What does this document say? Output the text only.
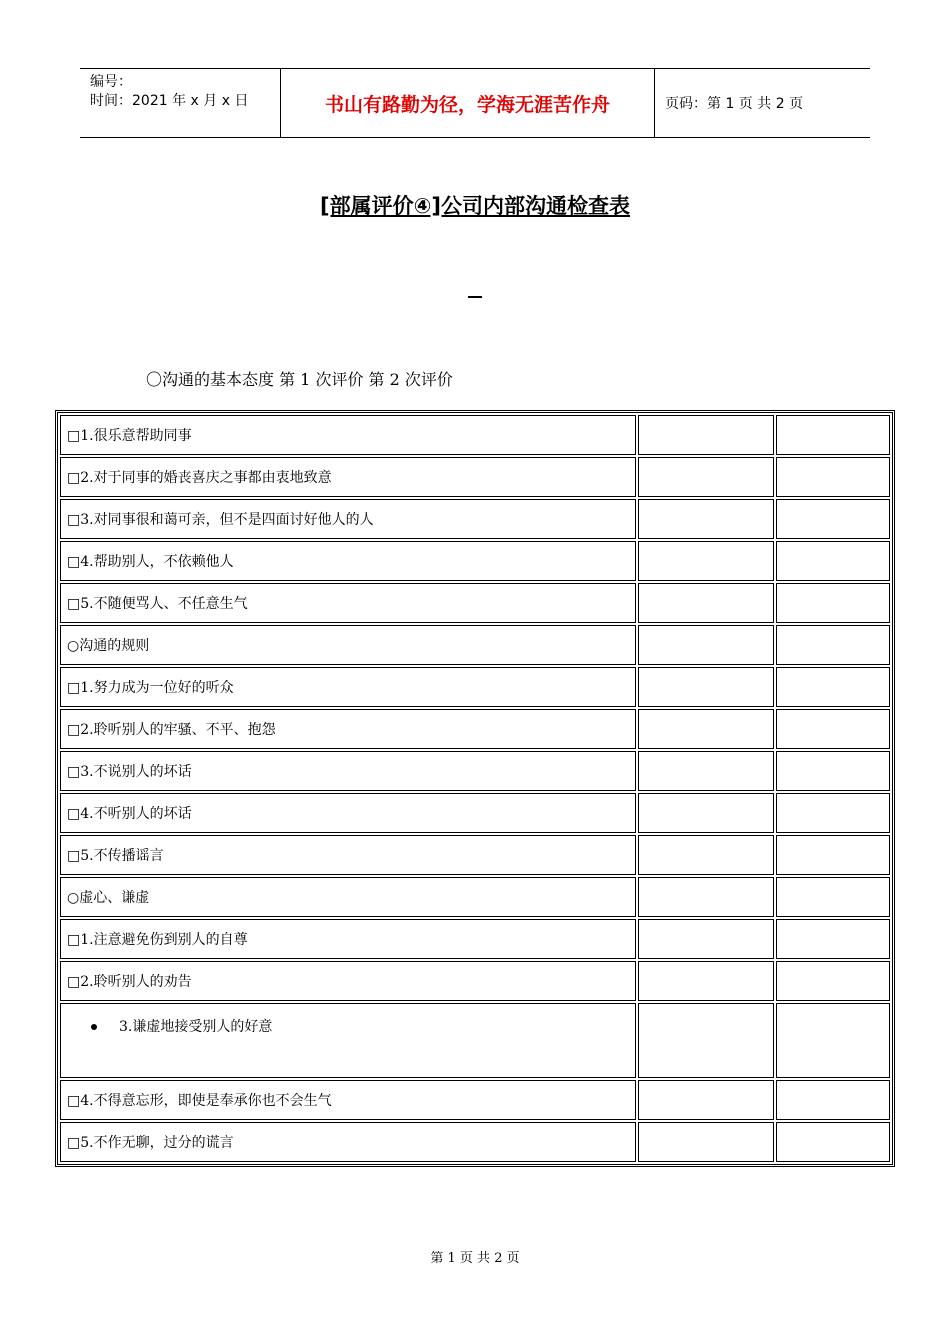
编号：
时间：2021 年 x 月 x 日	书山有路勤为径，学海无涯苦作舟	页码：第 1 页 共 2 页
[部属评价④]公司内部沟通检查表
〇沟通的基本态度 第 1 次评价 第 2 次评价
□1.很乐意帮助同事		
□2.对于同事的婚丧喜庆之事都由衷地致意		
□3.对同事很和蔼可亲，但不是四面讨好他人的人		
□4.帮助别人，不依赖他人		
□5.不随便骂人、不任意生气		
○沟通的规则		
□1.努力成为一位好的听众		
□2.聆听别人的牢骚、不平、抱怨		
□3.不说别人的坏话		
□4.不听别人的坏话		
□5.不传播谣言		
○虚心、谦虚		
□1.注意避免伤到别人的自尊		
□2.聆听别人的劝告		
3.谦虚地接受别人的好意		
□4.不得意忘形，即使是奉承你也不会生气		
□5.不作无聊，过分的谎言		
第 1 页 共 2 页
